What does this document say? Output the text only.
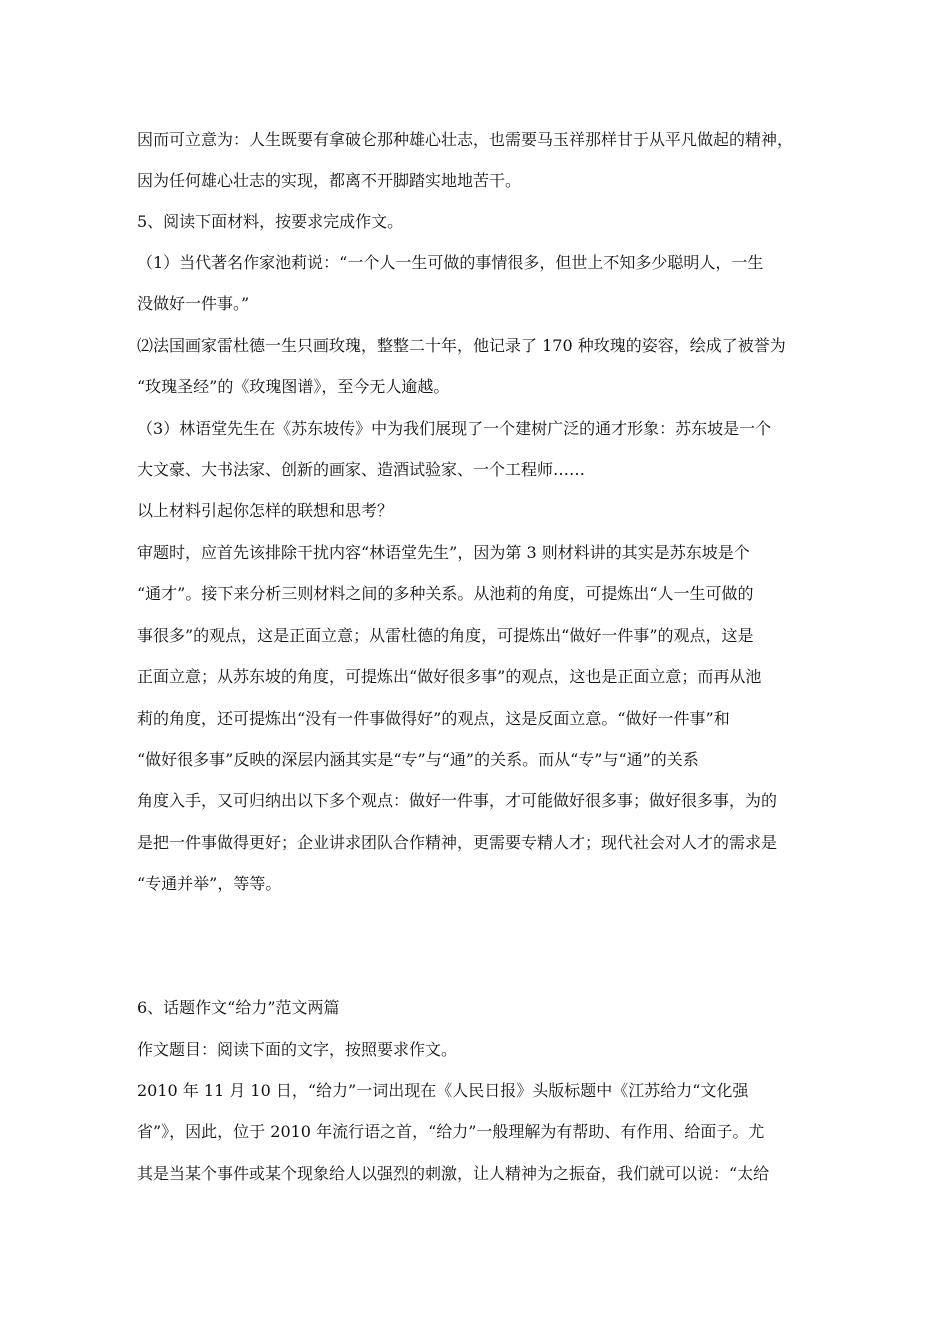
因而可立意为：人生既要有拿破仑那种雄心壮志，也需要马玉祥那样甘于从平凡做起的精神，
因为任何雄心壮志的实现，都离不开脚踏实地地苦干。
5、阅读下面材料，按要求完成作文。
（1）当代著名作家池莉说：“一个人一生可做的事情很多，但世上不知多少聪明人，一生
没做好一件事。”
⑵法国画家雷杜德一生只画玫瑰，整整二十年，他记录了 170 种玫瑰的姿容，绘成了被誉为
“玫瑰圣经”的《玫瑰图谱》，至今无人逾越。
（3）林语堂先生在《苏东坡传》中为我们展现了一个建树广泛的通才形象：苏东坡是一个
大文豪、大书法家、创新的画家、造酒试验家、一个工程师……
以上材料引起你怎样的联想和思考？
审题时，应首先该排除干扰内容“林语堂先生”，因为第 3 则材料讲的其实是苏东坡是个
“通才”。接下来分析三则材料之间的多种关系。从池莉的角度，可提炼出“人一生可做的
事很多”的观点，这是正面立意；从雷杜德的角度，可提炼出“做好一件事”的观点，这是
正面立意；从苏东坡的角度，可提炼出“做好很多事”的观点，这也是正面立意；而再从池
莉的角度，还可提炼出“没有一件事做得好”的观点，这是反面立意。“做好一件事”和
“做好很多事”反映的深层内涵其实是“专”与“通”的关系。而从“专”与“通”的关系
角度入手，又可归纳出以下多个观点：做好一件事，才可能做好很多事；做好很多事，为的
是把一件事做得更好；企业讲求团队合作精神，更需要专精人才；现代社会对人才的需求是
“专通并举”，等等。
6、话题作文“给力”范文两篇
作文题目：阅读下面的文字，按照要求作文。
2010 年 11 月 10 日，“给力”一词出现在《人民日报》头版标题中《江苏给力“文化强
省”》，因此，位于 2010 年流行语之首，“给力”一般理解为有帮助、有作用、给面子。尤
其是当某个事件或某个现象给人以强烈的刺激，让人精神为之振奋，我们就可以说：“太给
